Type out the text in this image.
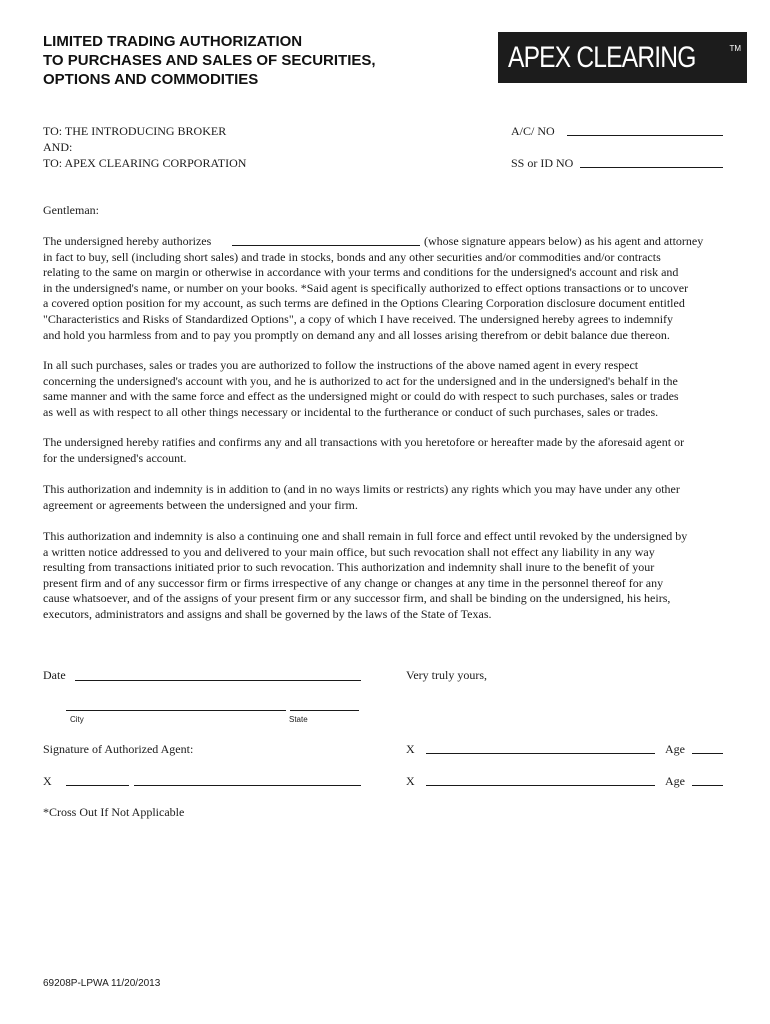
LIMITED TRADING AUTHORIZATION
TO PURCHASES AND SALES OF SECURITIES,
OPTIONS AND COMMODITIES
APEX CLEARING	TM
TO: THE INTRODUCING BROKER
AND:
TO: APEX CLEARING CORPORATION
A/C/ NO
SS or ID NO
Gentleman:
The undersigned hereby authorizes	(whose signature appears below) as his agent and attorney
in fact to buy, sell (including short sales) and trade in stocks, bonds and any other securities and/or commodities and/or contracts
relating to the same on margin or otherwise in accordance with your terms and conditions for the undersigned's account and risk and
in the undersigned's name, or number on your books. *Said agent is specifically authorized to effect options transactions or to uncover
a covered option position for my account, as such terms are defined in the Options Clearing Corporation disclosure document entitled
"Characteristics and Risks of Standardized Options", a copy of which I have received. The undersigned hereby agrees to indemnify
and hold you harmless from and to pay you promptly on demand any and all losses arising therefrom or debit balance due thereon.
In all such purchases, sales or trades you are authorized to follow the instructions of the above named agent in every respect
concerning the undersigned's account with you, and he is authorized to act for the undersigned and in the undersigned's behalf in the
same manner and with the same force and effect as the undersigned might or could do with respect to such purchases, sales or trades
as well as with respect to all other things necessary or incidental to the furtherance or conduct of such purchases, sales or trades.
The undersigned hereby ratifies and confirms any and all transactions with you heretofore or hereafter made by the aforesaid agent or
for the undersigned's account.
This authorization and indemnity is in addition to (and in no ways limits or restricts) any rights which you may have under any other
agreement or agreements between the undersigned and your firm.
This authorization and indemnity is also a continuing one and shall remain in full force and effect until revoked by the undersigned by
a written notice addressed to you and delivered to your main office, but such revocation shall not effect any liability in any way
resulting from transactions initiated prior to such revocation. This authorization and indemnity shall inure to the benefit of your
present firm and of any successor firm or firms irrespective of any change or changes at any time in the personnel thereof for any
cause whatsoever, and of the assigns of your present firm or any successor firm, and shall be binding on the undersigned, his heirs,
executors, administrators and assigns and shall be governed by the laws of the State of Texas.
Date	Very truly yours,
City	State
Signature of Authorized Agent:	X	Age
X	X	Age
*Cross Out If Not Applicable
69208P-LPWA 11/20/2013
